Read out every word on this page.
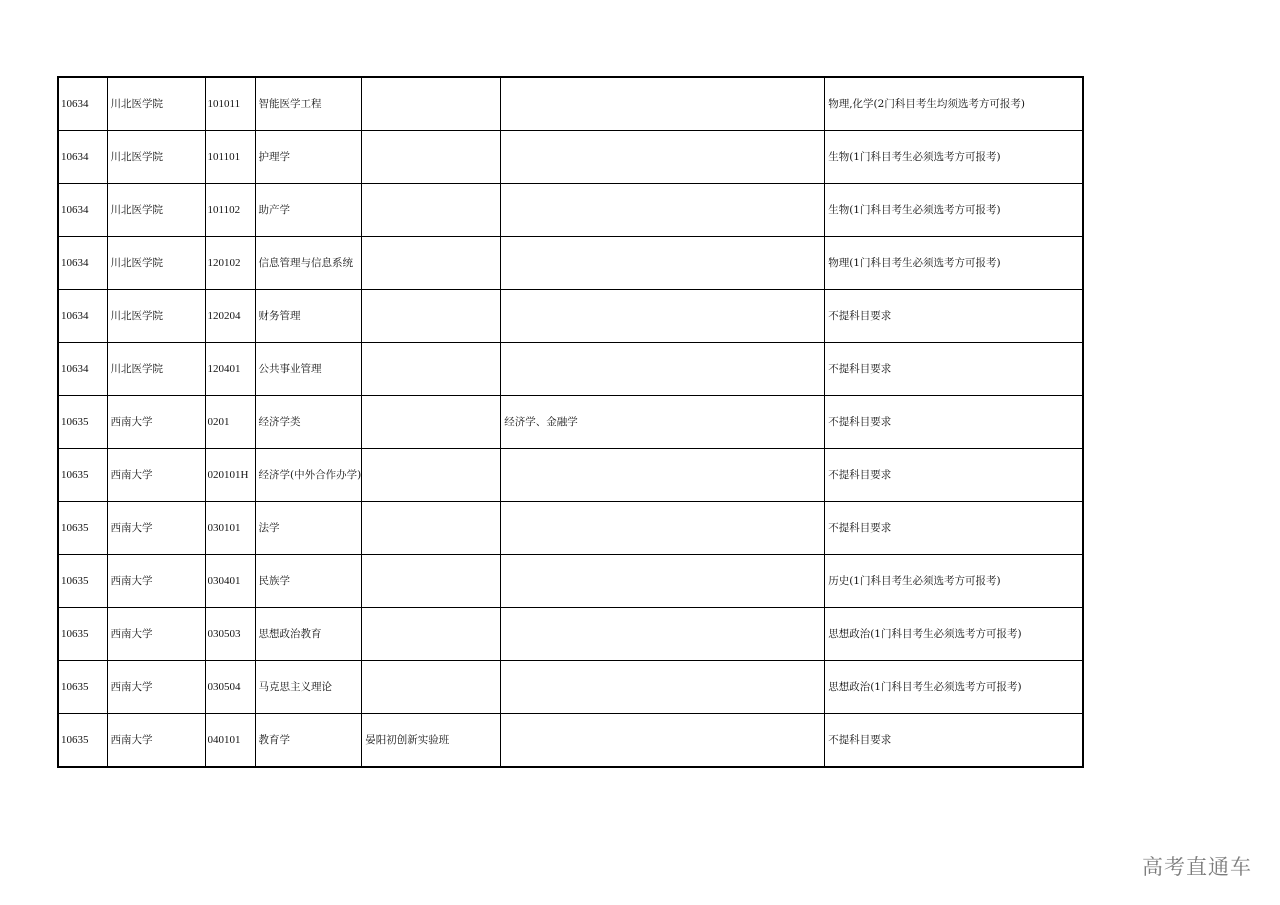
10634	川北医学院	101011	智能医学工程			物理,化学(2门科目考生均须选考方可报考)
10634	川北医学院	101101	护理学			生物(1门科目考生必须选考方可报考)
10634	川北医学院	101102	助产学			生物(1门科目考生必须选考方可报考)
10634	川北医学院	120102	信息管理与信息系统			物理(1门科目考生必须选考方可报考)
10634	川北医学院	120204	财务管理			不提科目要求
10634	川北医学院	120401	公共事业管理			不提科目要求
10635	西南大学	0201	经济学类		经济学、金融学	不提科目要求
10635	西南大学	020101H	经济学(中外合作办学)			不提科目要求
10635	西南大学	030101	法学			不提科目要求
10635	西南大学	030401	民族学			历史(1门科目考生必须选考方可报考)
10635	西南大学	030503	思想政治教育			思想政治(1门科目考生必须选考方可报考)
10635	西南大学	030504	马克思主义理论			思想政治(1门科目考生必须选考方可报考)
10635	西南大学	040101	教育学	晏阳初创新实验班		不提科目要求
高考直通车
